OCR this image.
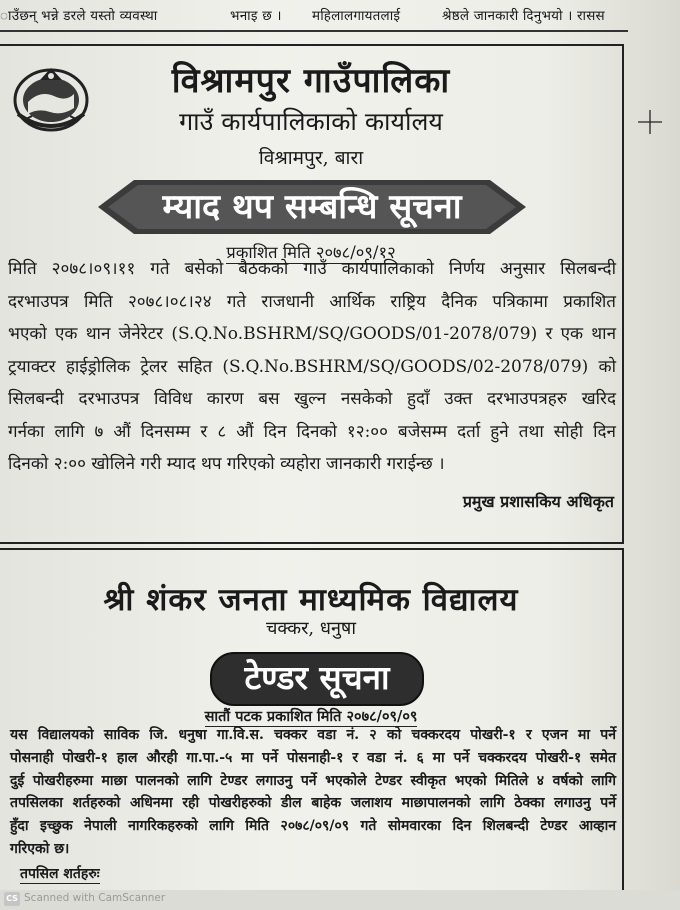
ाउँछन् भन्ने डरले यस्तो व्यवस्था	भनाइ छ । महिलालगायतलाई	श्रेष्ठले जानकारी दिनुभयो । रासस
विश्रामपुर गाउँपालिका
गाउँ कार्यपालिकाको कार्यालय
विश्रामपुर, बारा
म्याद थप सम्बन्धि सूचना
प्रकाशित मिति २०७८/०९/१२
मिति २०७८।०९।११ गते बसेको बैठकको गाउँ कार्यपालिकाको निर्णय अनुसार सिलबन्दी
दरभाउपत्र मिति २०७८।०८।२४ गते राजधानी आर्थिक राष्ट्रिय दैनिक पत्रिकामा प्रकाशित
भएको एक थान जेनेरेटर (S.Q.No.BSHRM/SQ/GOODS/01-2078/079) र एक थान
ट्रयाक्टर हाईड्रोलिक ट्रेलर सहित (S.Q.No.BSHRM/SQ/GOODS/02-2078/079) को
सिलबन्दी दरभाउपत्र विविध कारण बस खुल्न नसकेको हुदाँ उक्त दरभाउपत्रहरु खरिद
गर्नका लागि ७ औं दिनसम्म र ८ औं दिन दिनको १२:०० बजेसम्म दर्ता हुने तथा सोही दिन
दिनको २:०० खोलिने गरी म्याद थप गरिएको व्यहोरा जानकारी गराईन्छ ।
प्रमुख प्रशासकिय अधिकृत
श्री शंकर जनता माध्यमिक विद्यालय
चक्कर, धनुषा
टेण्डर सूचना
सातौं पटक प्रकाशित मिति २०७८/०९/०९
यस विद्यालयको साविक जि. धनुषा गा.वि.स. चक्कर वडा नं. २ को चक्करदय पोखरी-१ र एजन मा पर्ने
पोसनाही पोखरी-१ हाल औरही गा.पा.-५ मा पर्ने पोसनाही-१ र वडा नं. ६ मा पर्ने चक्करदय पोखरी-१ समेत
दुई पोखरीहरुमा माछा पालनको लागि टेण्डर लगाउनु पर्ने भएकोले टेण्डर स्वीकृत भएको मितिले ४ वर्षको लागि
तपसिलका शर्तहरुको अधिनमा रही पोखरीहरुको डील बाहेक जलाशय माछापालनको लागि ठेक्का लगाउनु पर्ने
हुँदा इच्छुक नेपाली नागरिकहरुको लागि मिति २०७८/०९/०९ गते सोमवारका दिन शिलबन्दी टेण्डर आव्हान
गरिएको छ।
तपसिल शर्तहरुः
CS Scanned with CamScanner
